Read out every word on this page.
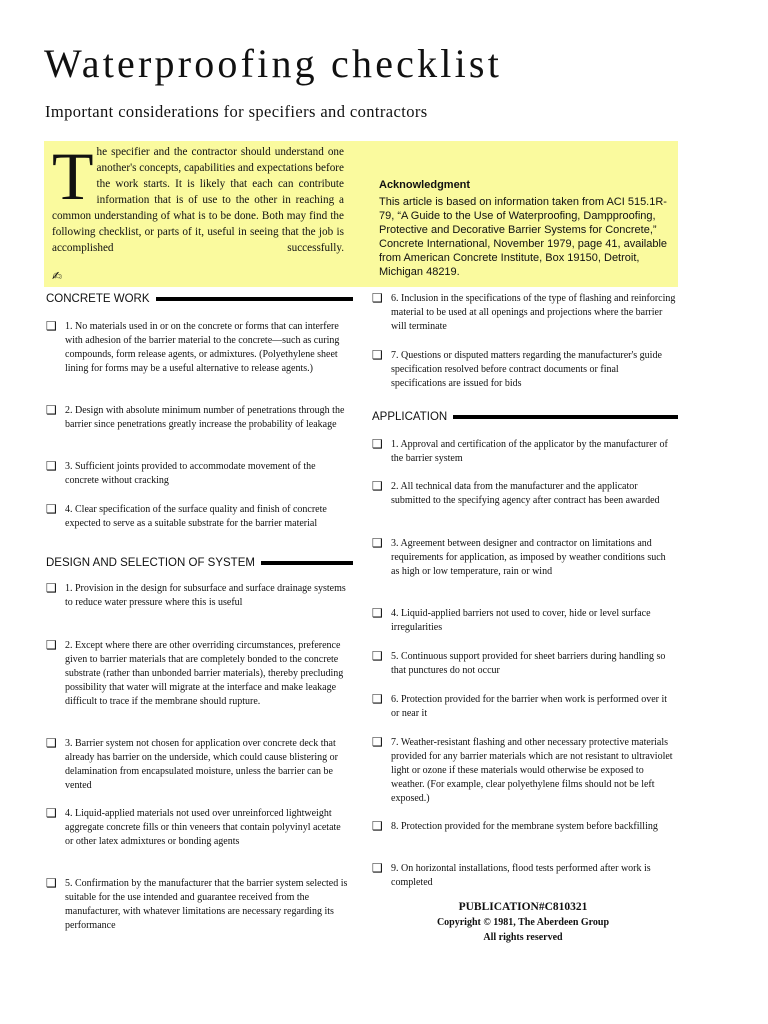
Waterproofing checklist
Important considerations for specifiers and contractors
T he specifier and the contractor should understand one another's concepts, capabilities and expectations before the work starts. It is likely that each can contribute information that is of use to the other in reaching a common understanding of what is to be done. Both may find the following checklist, or parts of it, useful in seeing that the job is accomplished successfully.
✍
Acknowledgment
This article is based on information taken from ACI 515.1R-79, “A Guide to the Use of Waterproofing, Dampproofing, Protective and Decorative Barrier Systems for Concrete,” Concrete International, November 1979, page 41, available from American Concrete Institute, Box 19150, Detroit, Michigan 48219.
CONCRETE WORK
❑ 1. No materials used in or on the concrete or forms that can interfere with adhesion of the barrier material to the concrete—such as curing compounds, form release agents, or admixtures. (Polyethylene sheet lining for forms may be a useful alternative to release agents.)
❑ 2. Design with absolute minimum number of penetrations through the barrier since penetrations greatly increase the probability of leakage
❑ 3. Sufficient joints provided to accommodate movement of the concrete without cracking
❑ 4. Clear specification of the surface quality and finish of concrete expected to serve as a suitable substrate for the barrier material
DESIGN AND SELECTION OF SYSTEM
❑ 1. Provision in the design for subsurface and surface drainage systems to reduce water pressure where this is useful
❑ 2. Except where there are other overriding circumstances, preference given to barrier materials that are completely bonded to the concrete substrate (rather than unbonded barrier materials), thereby precluding possibility that water will migrate at the interface and make leakage difficult to trace if the membrane should rupture.
❑ 3. Barrier system not chosen for application over concrete deck that already has barrier on the underside, which could cause blistering or delamination from encapsulated moisture, unless the barrier can be vented
❑ 4. Liquid-applied materials not used over unreinforced lightweight aggregate concrete fills or thin veneers that contain polyvinyl acetate or other latex admixtures or bonding agents
❑ 5. Confirmation by the manufacturer that the barrier system selected is suitable for the use intended and guarantee received from the manufacturer, with whatever limitations are necessary regarding its performance
❑ 6. Inclusion in the specifications of the type of flashing and reinforcing material to be used at all openings and projections where the barrier will terminate
❑ 7. Questions or disputed matters regarding the manufacturer's guide specification resolved before contract documents or final specifications are issued for bids
APPLICATION
❑ 1. Approval and certification of the applicator by the manufacturer of the barrier system
❑ 2. All technical data from the manufacturer and the applicator submitted to the specifying agency after contract has been awarded
❑ 3. Agreement between designer and contractor on limitations and requirements for application, as imposed by weather conditions such as high or low temperature, rain or wind
❑ 4. Liquid-applied barriers not used to cover, hide or level surface irregularities
❑ 5. Continuous support provided for sheet barriers during handling so that punctures do not occur
❑ 6. Protection provided for the barrier when work is performed over it or near it
❑ 7. Weather-resistant flashing and other necessary protective materials provided for any barrier materials which are not resistant to ultraviolet light or ozone if these materials would otherwise be exposed to weather. (For example, clear polyethylene films should not be left exposed.)
❑ 8. Protection provided for the membrane system before backfilling
❑ 9. On horizontal installations, flood tests performed after work is completed
PUBLICATION#C810321
Copyright © 1981, The Aberdeen Group
All rights reserved
